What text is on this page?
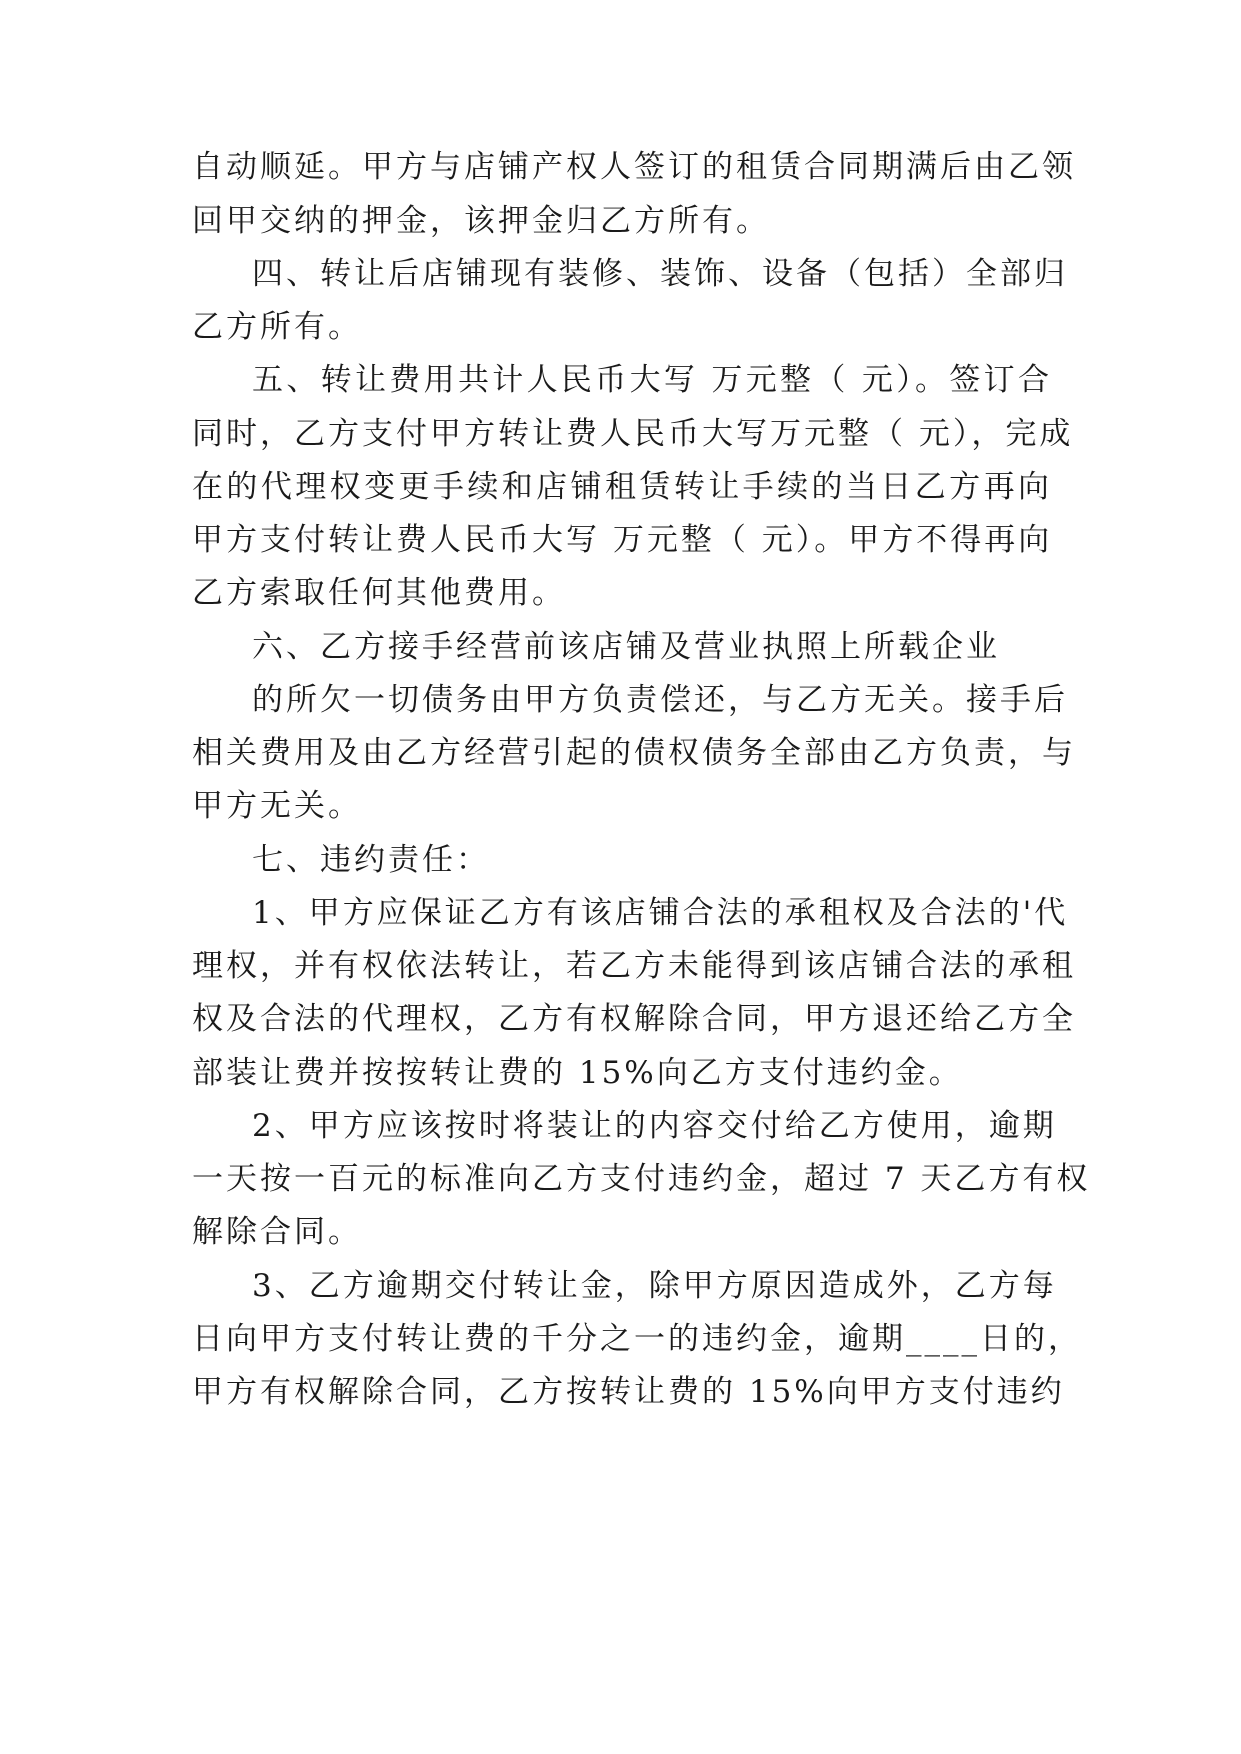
自动顺延。甲方与店铺产权人签订的租赁合同期满后由乙领
回甲交纳的押金，该押金归乙方所有。
四、转让后店铺现有装修、装饰、设备（包括）全部归
乙方所有。
五、转让费用共计人民币大写 万元整（ 元）。签订合
同时，乙方支付甲方转让费人民币大写万元整（ 元），完成
在的代理权变更手续和店铺租赁转让手续的当日乙方再向
甲方支付转让费人民币大写 万元整（ 元）。甲方不得再向
乙方索取任何其他费用。
六、乙方接手经营前该店铺及营业执照上所载企业
的所欠一切债务由甲方负责偿还，与乙方无关。接手后
相关费用及由乙方经营引起的债权债务全部由乙方负责，与
甲方无关。
七、违约责任：
1、甲方应保证乙方有该店铺合法的承租权及合法的'代
理权，并有权依法转让，若乙方未能得到该店铺合法的承租
权及合法的代理权，乙方有权解除合同，甲方退还给乙方全
部装让费并按按转让费的 15%向乙方支付违约金。
2、甲方应该按时将装让的内容交付给乙方使用，逾期
一天按一百元的标准向乙方支付违约金，超过 7 天乙方有权
解除合同。
3、乙方逾期交付转让金，除甲方原因造成外，乙方每
日向甲方支付转让费的千分之一的违约金，逾期____日的，
甲方有权解除合同，乙方按转让费的 15%向甲方支付违约
